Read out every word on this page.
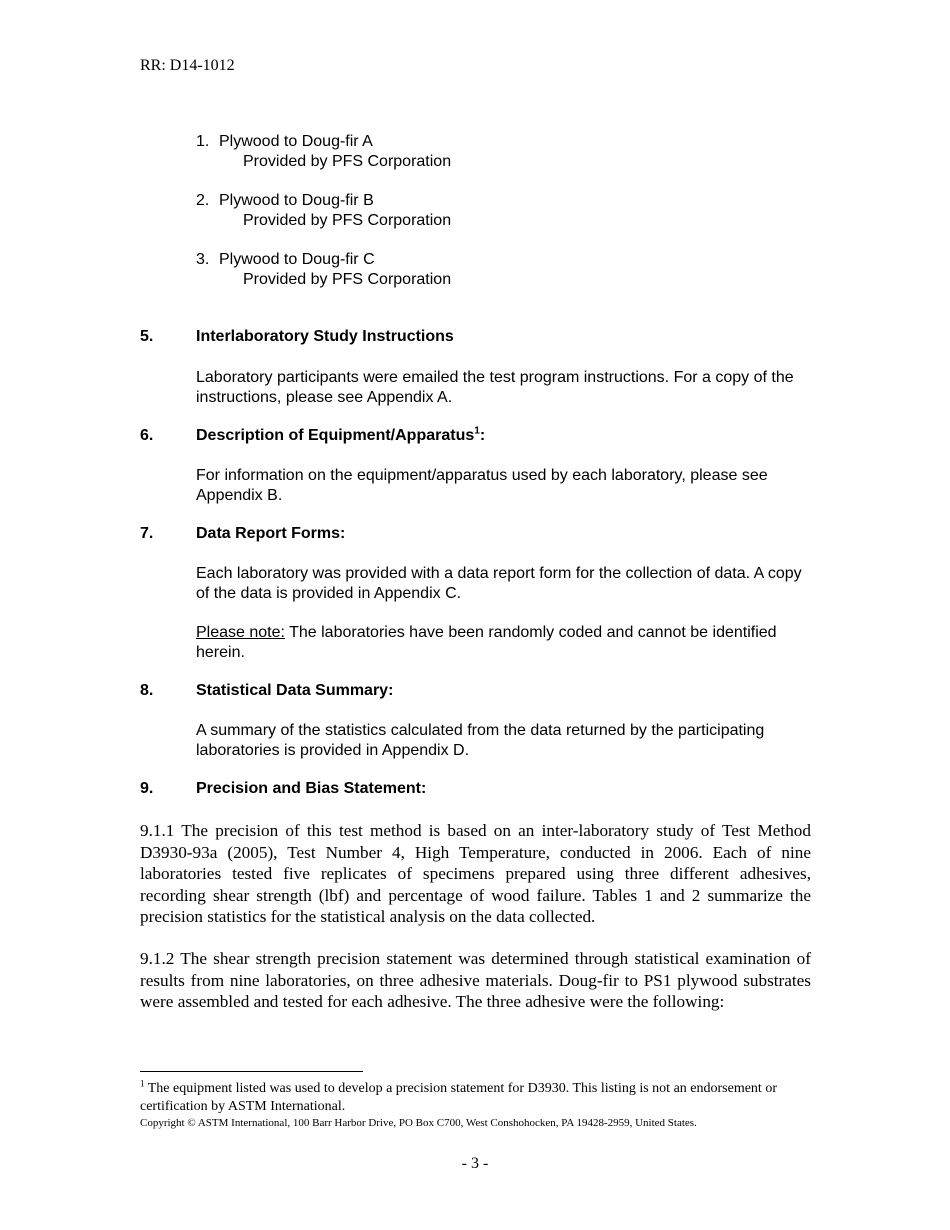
RR: D14-1012
1. Plywood to Doug-fir A
Provided by PFS Corporation
2. Plywood to Doug-fir B
Provided by PFS Corporation
3. Plywood to Doug-fir C
Provided by PFS Corporation
5.	Interlaboratory Study Instructions
Laboratory participants were emailed the test program instructions. For a copy of the instructions, please see Appendix A.
6.	Description of Equipment/Apparatus$^1$:
For information on the equipment/apparatus used by each laboratory, please see Appendix B.
7.	Data Report Forms:
Each laboratory was provided with a data report form for the collection of data. A copy of the data is provided in Appendix C.
Please note: The laboratories have been randomly coded and cannot be identified herein.
8.	Statistical Data Summary:
A summary of the statistics calculated from the data returned by the participating laboratories is provided in Appendix D.
9.	Precision and Bias Statement:
9.1.1 The precision of this test method is based on an inter-laboratory study of Test Method D3930-93a (2005), Test Number 4, High Temperature, conducted in 2006. Each of nine laboratories tested five replicates of specimens prepared using three different adhesives, recording shear strength (lbf) and percentage of wood failure. Tables 1 and 2 summarize the precision statistics for the statistical analysis on the data collected.
9.1.2 The shear strength precision statement was determined through statistical examination of results from nine laboratories, on three adhesive materials. Doug-fir to PS1 plywood substrates were assembled and tested for each adhesive. The three adhesive were the following:
$^1$ The equipment listed was used to develop a precision statement for D3930. This listing is not an endorsement or certification by ASTM International.
Copyright © ASTM International, 100 Barr Harbor Drive, PO Box C700, West Conshohocken, PA 19428-2959, United States.
- 3 -
